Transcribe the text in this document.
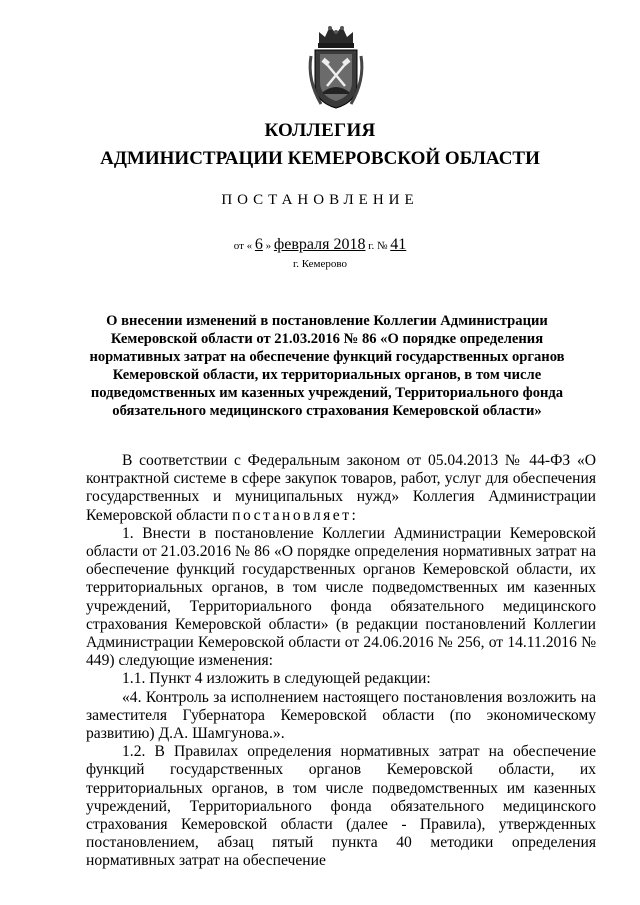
КОЛЛЕГИЯ
АДМИНИСТРАЦИИ КЕМЕРОВСКОЙ ОБЛАСТИ
ПОСТАНОВЛЕНИЕ
от « 6 » февраля 2018 г. № 41
г. Кемерово
О внесении изменений в постановление Коллегии Администрации Кемеровской области от 21.03.2016 № 86 «О порядке определения нормативных затрат на обеспечение функций государственных органов Кемеровской области, их территориальных органов, в том числе подведомственных им казенных учреждений, Территориального фонда обязательного медицинского страхования Кемеровской области»

В соответствии с Федеральным законом от 05.04.2013 № 44-ФЗ «О контрактной системе в сфере закупок товаров, работ, услуг для обеспечения государственных и муниципальных нужд» Коллегия Администрации Кемеровской области постановляет:

1. Внести в постановление Коллегии Администрации Кемеровской области от 21.03.2016 № 86 «О порядке определения нормативных затрат на обеспечение функций государственных органов Кемеровской области, их территориальных органов, в том числе подведомственных им казенных учреждений, Территориального фонда обязательного медицинского страхования Кемеровской области» (в редакции постановлений Коллегии Администрации Кемеровской области от 24.06.2016 № 256, от 14.11.2016 № 449) следующие изменения:

1.1. Пункт 4 изложить в следующей редакции:

«4. Контроль за исполнением настоящего постановления возложить на заместителя Губернатора Кемеровской области (по экономическому развитию) Д.А. Шамгунова.».

1.2. В Правилах определения нормативных затрат на обеспечение функций государственных органов Кемеровской области, их территориальных органов, в том числе подведомственных им казенных учреждений, Территориального фонда обязательного медицинского страхования Кемеровской области (далее - Правила), утвержденных постановлением, абзац пятый пункта 40 методики определения нормативных затрат на обеспечение
